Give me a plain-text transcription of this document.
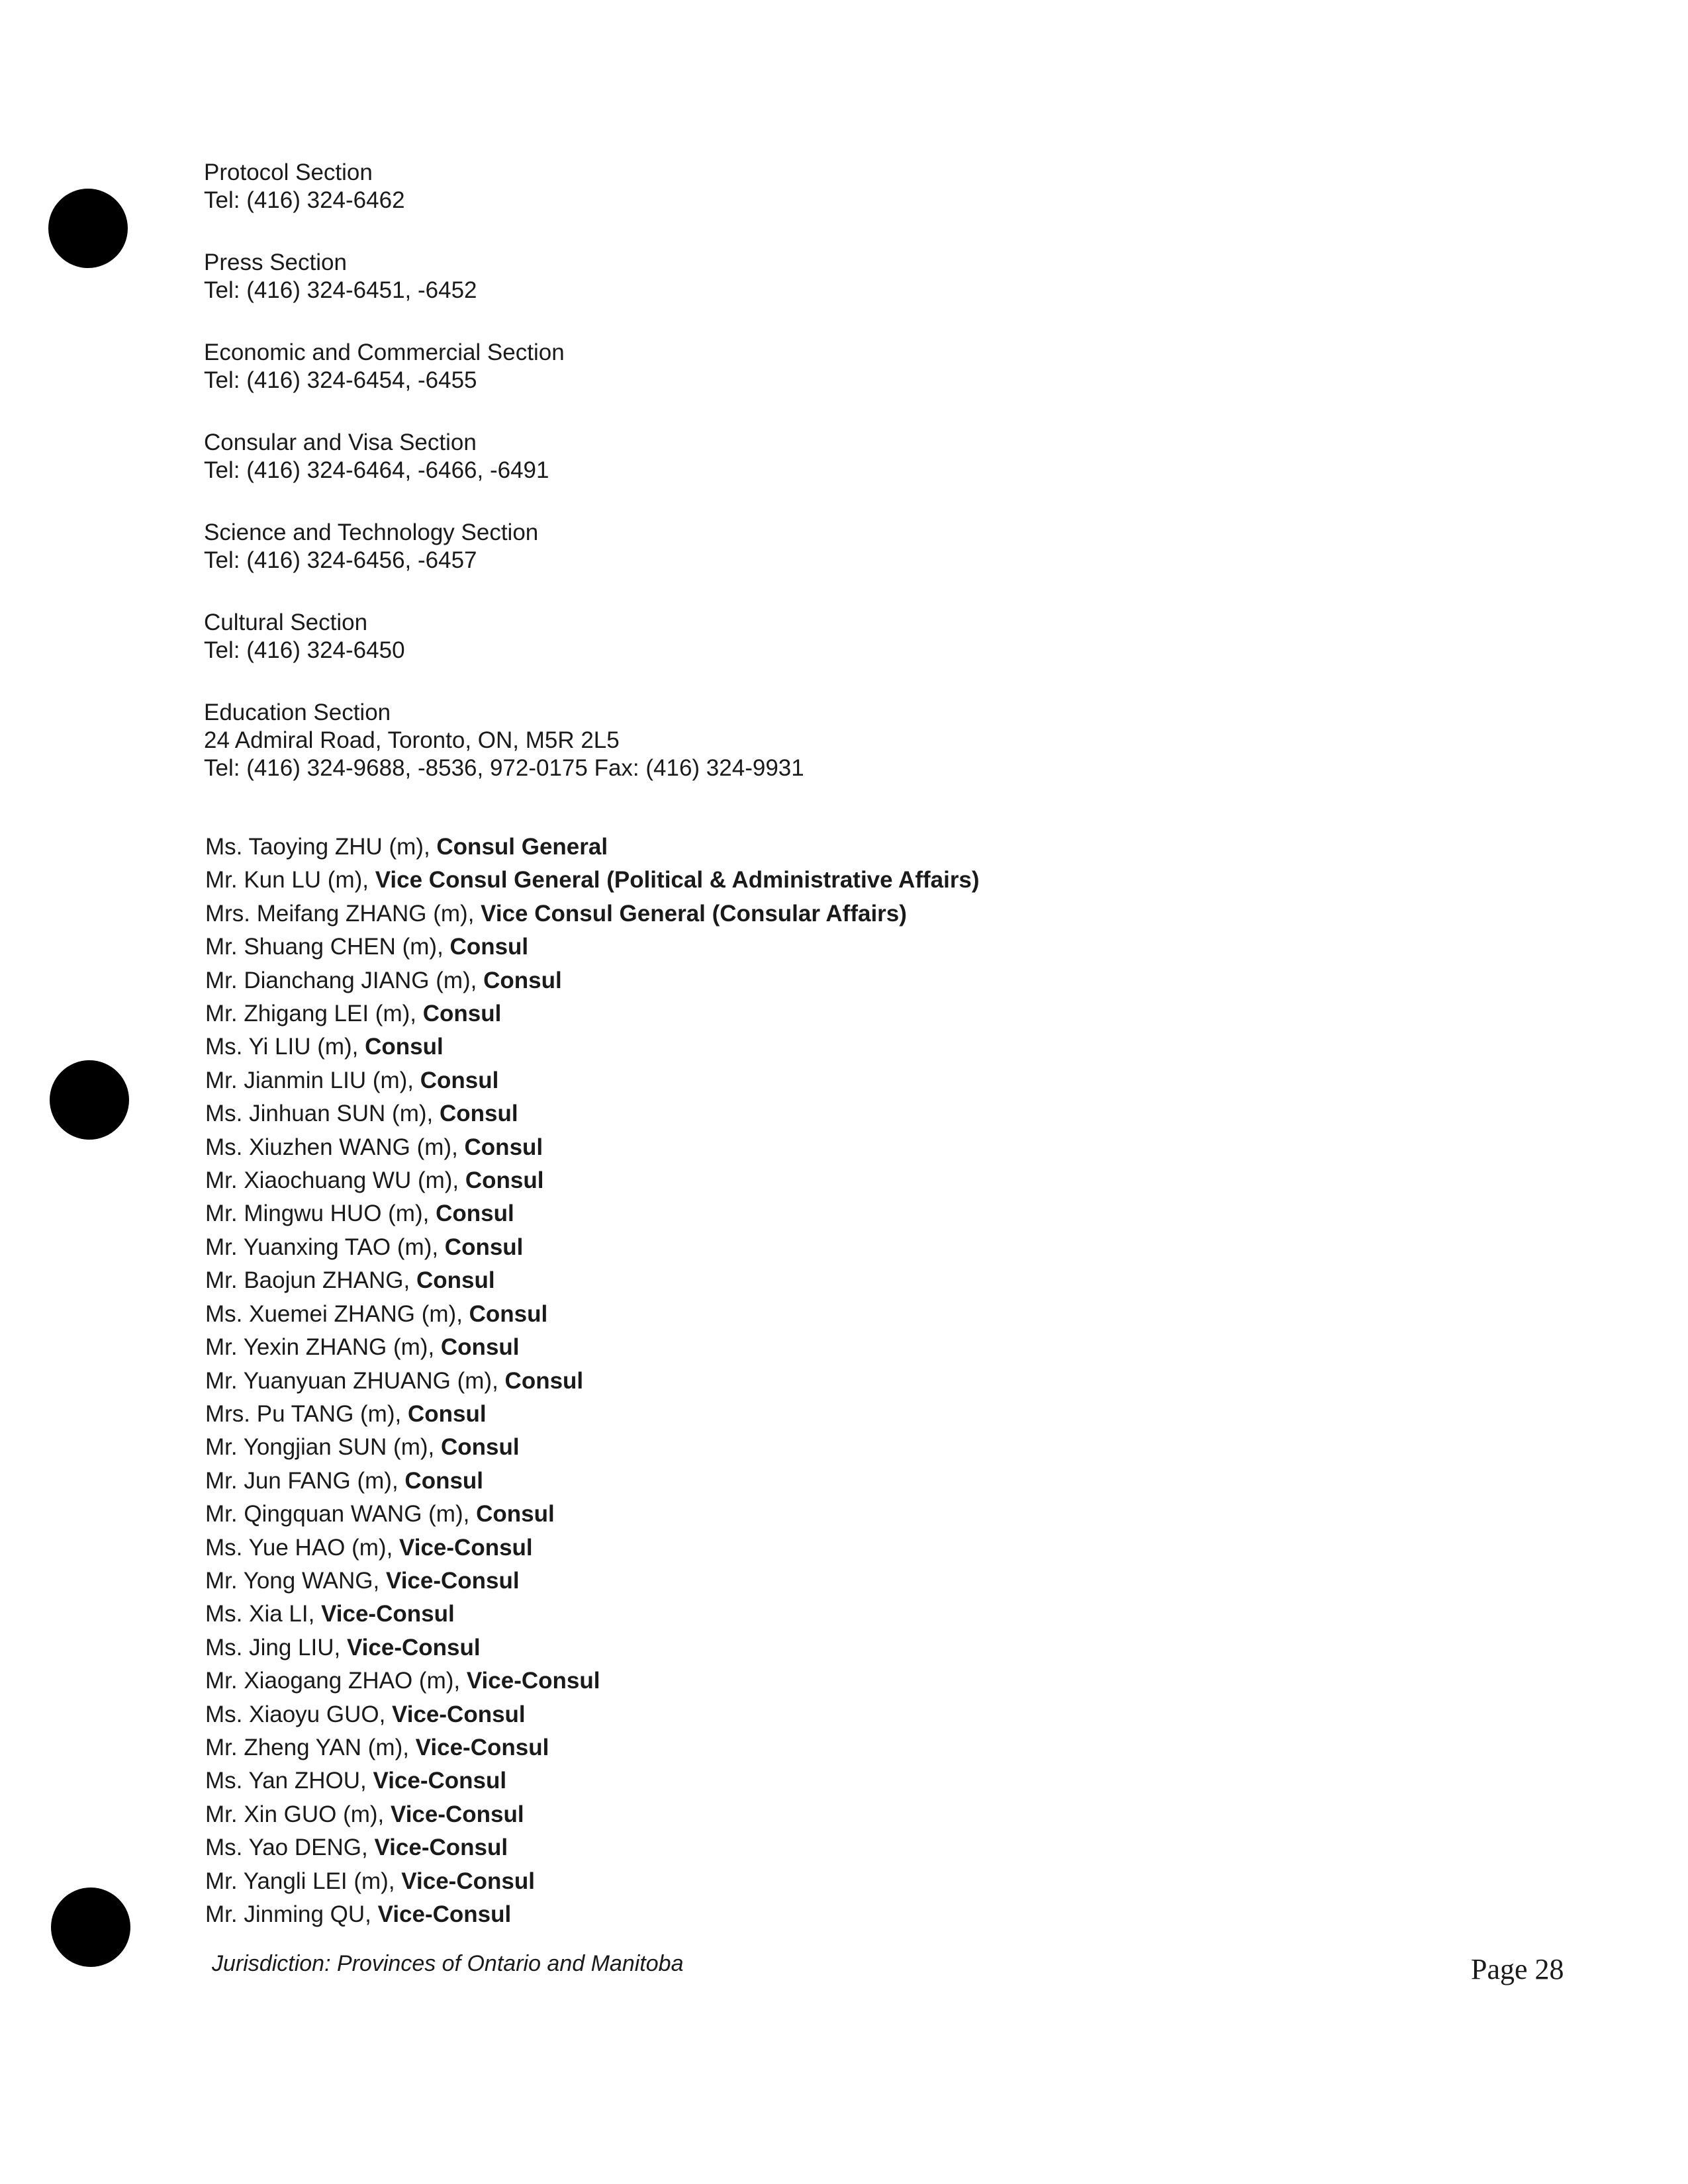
Protocol Section
Tel: (416) 324-6462
Press Section
Tel: (416) 324-6451, -6452
Economic and Commercial Section
Tel: (416) 324-6454, -6455
Consular and Visa Section
Tel: (416) 324-6464, -6466, -6491
Science and Technology Section
Tel: (416) 324-6456, -6457
Cultural Section
Tel: (416) 324-6450
Education Section
24 Admiral Road, Toronto, ON, M5R 2L5
Tel: (416) 324-9688, -8536, 972-0175 Fax: (416) 324-9931
Ms. Taoying ZHU (m), Consul General
Mr. Kun LU (m), Vice Consul General (Political & Administrative Affairs)
Mrs. Meifang ZHANG (m), Vice Consul General (Consular Affairs)
Mr. Shuang CHEN (m), Consul
Mr. Dianchang JIANG (m), Consul
Mr. Zhigang LEI (m), Consul
Ms. Yi LIU (m), Consul
Mr. Jianmin LIU (m), Consul
Ms. Jinhuan SUN (m), Consul
Ms. Xiuzhen WANG (m), Consul
Mr. Xiaochuang WU (m), Consul
Mr. Mingwu HUO (m), Consul
Mr. Yuanxing TAO (m), Consul
Mr. Baojun ZHANG, Consul
Ms. Xuemei ZHANG (m), Consul
Mr. Yexin ZHANG (m), Consul
Mr. Yuanyuan ZHUANG (m), Consul
Mrs. Pu TANG (m), Consul
Mr. Yongjian SUN (m), Consul
Mr. Jun FANG (m), Consul
Mr. Qingquan WANG (m), Consul
Ms. Yue HAO (m), Vice-Consul
Mr. Yong WANG, Vice-Consul
Ms. Xia LI, Vice-Consul
Ms. Jing LIU, Vice-Consul
Mr. Xiaogang ZHAO (m), Vice-Consul
Ms. Xiaoyu GUO, Vice-Consul
Mr. Zheng YAN (m), Vice-Consul
Ms. Yan ZHOU, Vice-Consul
Mr. Xin GUO (m), Vice-Consul
Ms. Yao DENG, Vice-Consul
Mr. Yangli LEI (m), Vice-Consul
Mr. Jinming QU, Vice-Consul
Jurisdiction: Provinces of Ontario and Manitoba	Page 28
